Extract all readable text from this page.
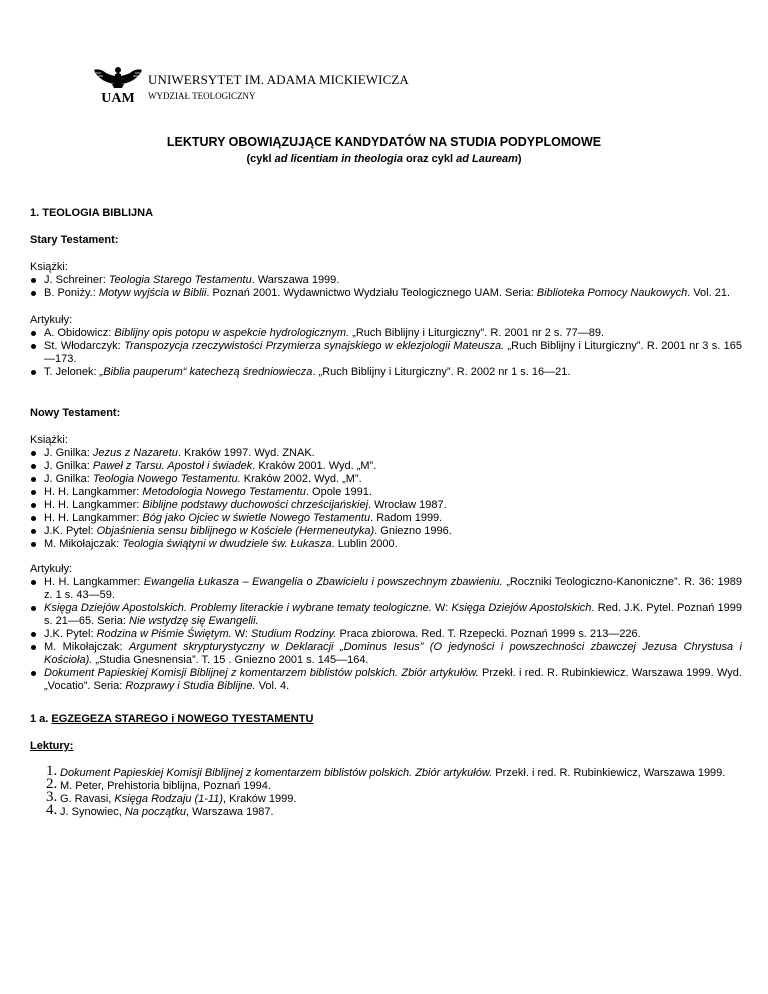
UAM
UNIWERSYTET IM. ADAMA MICKIEWICZA
WYDZIAŁ TEOLOGICZNY
LEKTURY OBOWIĄZUJĄCE KANDYDATÓW NA STUDIA PODYPLOMOWE
(cykl ad licentiam in theologia oraz cykl ad Lauream)

1. TEOLOGIA BIBLIJNA

Stary Testament:

Książki:

J. Schreiner: Teologia Starego Testamentu. Warszawa 1999.
B. Poniży.: Motyw wyjścia w Biblii. Poznań 2001. Wydawnictwo Wydziału Teologicznego UAM. Seria: Biblioteka Pomocy Naukowych. Vol. 21.

Artykuły:

A. Obidowicz: Biblijny opis potopu w aspekcie hydrologicznym. „Ruch Biblijny i Liturgiczny”. R. 2001 nr 2 s. 77—89.
St. Włodarczyk: Transpozycja rzeczywistości Przymierza synajskiego w eklezjologii Mateusza. „Ruch Biblijny i Liturgiczny”. R. 2001 nr 3 s. 165—173.
T. Jelonek: „Biblia pauperum“ katechezą średniowiecza. „Ruch Biblijny i Liturgiczny”. R. 2002 nr 1 s. 16—21.

Nowy Testament:

Książki:

J. Gnilka: Jezus z Nazaretu. Kraków 1997. Wyd. ZNAK.
J. Gnilka: Paweł z Tarsu. Apostoł i świadek. Kraków 2001. Wyd. „M”.
J. Gnilka: Teologia Nowego Testamentu. Kraków 2002. Wyd. „M”.
H. H. Langkammer: Metodologia Nowego Testamentu. Opole 1991.
H. H. Langkammer: Biblijne podstawy duchowości chrześcijańskiej. Wrocław 1987.
H. H. Langkammer: Bóg jako Ojciec w świetle Nowego Testamentu. Radom 1999.
J.K. Pytel: Objaśnienia sensu biblijnego w Kościele (Hermeneutyka). Gniezno 1996.
M. Mikołajczak: Teologia świątyni w dwudziele św. Łukasza. Lublin 2000.

Artykuły:

H. H. Langkammer: Ewangelia Łukasza – Ewangelia o Zbawicielu i powszechnym zbawieniu. „Roczniki Teologiczno-Kanoniczne”. R. 36: 1989 z. 1 s. 43—59.
Księga Dziejów Apostolskich. Problemy literackie i wybrane tematy teologiczne. W: Księga Dziejów Apostolskich. Red. J.K. Pytel. Poznań 1999 s. 21—65. Seria: Nie wstydzę się Ewangelii.
J.K. Pytel: Rodzina w Piśmie Świętym. W: Studium Rodziny. Praca zbiorowa. Red. T. Rzepecki. Poznań 1999 s. 213—226.
M. Mikołajczak: Argument skrypturystyczny w Deklaracji „Dominus Iesus” (O jedyności i powszechności zbawczej Jezusa Chrystusa i Kościoła). „Studia Gnesnensia”. T. 15 . Gniezno 2001 s. 145—164.
Dokument Papieskiej Komisji Biblijnej z komentarzem biblistów polskich. Zbiór artykułów. Przekł. i red. R. Rubinkiewicz. Warszawa 1999. Wyd. „Vocatio”. Seria: Rozprawy i Studia Biblijne. Vol. 4.

1 a. EGZEGEZA STAREGO i NOWEGO TYESTAMENTU

Lektury:

1. Dokument Papieskiej Komisji Biblijnej z komentarzem biblistów polskich. Zbiór artykułów. Przekł. i red. R. Rubinkiewicz, Warszawa 1999.
2. M. Peter, Prehistoria biblijna, Poznań 1994.
3. G. Ravasi, Księga Rodzaju (1-11), Kraków 1999.
4. J. Synowiec, Na początku, Warszawa 1987.
